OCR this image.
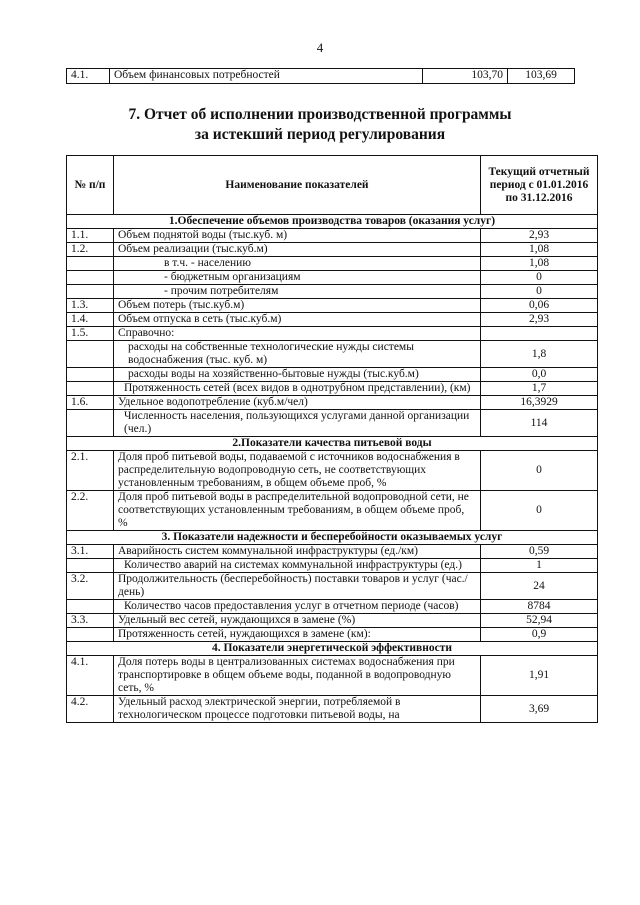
4
4.1.	Объем финансовых потребностей	103,70	103,69
7. Отчет об исполнении производственной программы
за истекший период регулирования
№ п/п	Наименование показателей	Текущий отчетный период с 01.01.2016 по 31.12.2016
1.Обеспечение объемов производства товаров (оказания услуг)		
1.1.	Объем поднятой воды (тыс.куб. м)	2,93
1.2.	Объем реализации (тыс.куб.м)	1,08
	в т.ч. - населению	1,08
	- бюджетным организациям	0
	- прочим потребителям	0
1.3.	Объем потерь (тыс.куб.м)	0,06
1.4.	Объем отпуска в сеть (тыс.куб.м)	2,93
1.5.	Справочно:	
	расходы на собственные технологические нужды системы водоснабжения (тыс. куб. м)	1,8
	расходы воды на хозяйственно-бытовые нужды (тыс.куб.м)	0,0
	Протяженность сетей (всех видов в однотрубном представлении), (км)	1,7
1.6.	Удельное водопотребление (куб.м/чел)	16,3929
	Численность населения, пользующихся услугами данной организации (чел.)	114
2.Показатели качества питьевой воды		
2.1.	Доля проб питьевой воды, подаваемой с источников водоснабжения в распределительную водопроводную сеть, не соответствующих установленным требованиям, в общем объеме проб, %	0
2.2.	Доля проб питьевой воды в распределительной водопроводной сети, не соответствующих установленным требованиям, в общем объеме проб, %	0
3. Показатели надежности и бесперебойности оказываемых услуг		
3.1.	Аварийность систем коммунальной инфраструктуры (ед./км)	0,59
	Количество аварий на системах коммунальной инфраструктуры (ед.)	1
3.2.	Продолжительность (бесперебойность) поставки товаров и услуг (час./день)	24
	Количество часов предоставления услуг в отчетном периоде (часов)	8784
3.3.	Удельный вес сетей, нуждающихся в замене (%)	52,94
	Протяженность сетей, нуждающихся в замене (км):	0,9
4. Показатели энергетической эффективности		
4.1.	Доля потерь воды в централизованных системах водоснабжения при транспортировке в общем объеме воды, поданной в водопроводную сеть, %	1,91
4.2.	Удельный расход электрической энергии, потребляемой в технологическом процессе подготовки питьевой воды, на	3,69
